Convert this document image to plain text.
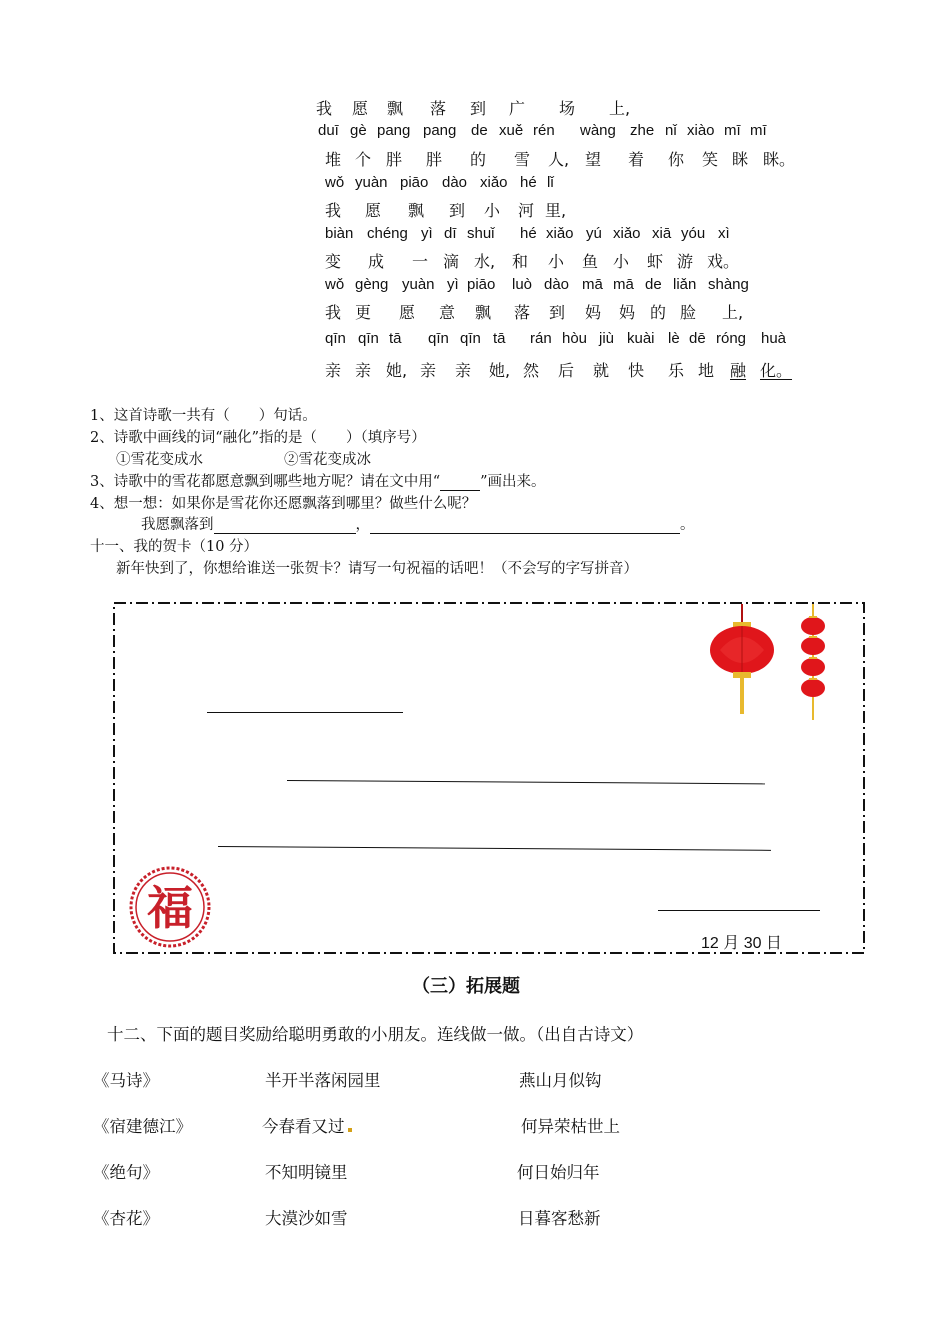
我 愿 飘 落 到 广 场 上,
duī gè pang pang de xuě rén wàng zhe nǐ xiào mī mī
堆 个 胖 胖 的 雪 人, 望 着 你 笑 眯 眯。
wǒ yuàn piāo dào xiǎo hé lǐ
我 愿 飘 到 小 河 里,
biàn chéng yì dī shuǐ hé xiǎo yú xiǎo xiā yóu xì
变 成 一 滴 水, 和 小 鱼 小 虾 游 戏。
wǒ gèng yuàn yì piāo luò dào mā mā de liǎn shàng
我 更 愿 意 飘 落 到 妈 妈 的 脸 上,
qīn qīn tā qīn qīn tā rán hòu jiù kuài lè dē róng huà
亲 亲 她, 亲 亲 她, 然 后 就 快 乐 地 融 化。
1、这首诗歌一共有（　　）句话。
2、诗歌中画线的词“融化”指的是（　　）（填序号）
①雪花变成水	②雪花变成冰
3、诗歌中的雪花都愿意飘到哪些地方呢？请在文中用“	”画出来。
4、想一想：如果你是雪花你还愿飘落到哪里？做些什么呢？
我愿飘落到	，	。
十一、我的贺卡（10 分）
新年快到了，你想给谁送一张贺卡？请写一句祝福的话吧！（不会写的字写拼音）
12 月 30 日
福
（三）拓展题
十二、下面的题目奖励给聪明勇敢的小朋友。连线做一做。（出自古诗文）
《马诗》	半开半落闲园里	燕山月似钩
《宿建德江》	今春看又过	何异荣枯世上
《绝句》	不知明镜里	何日始归年
《杏花》	大漠沙如雪	日暮客愁新
